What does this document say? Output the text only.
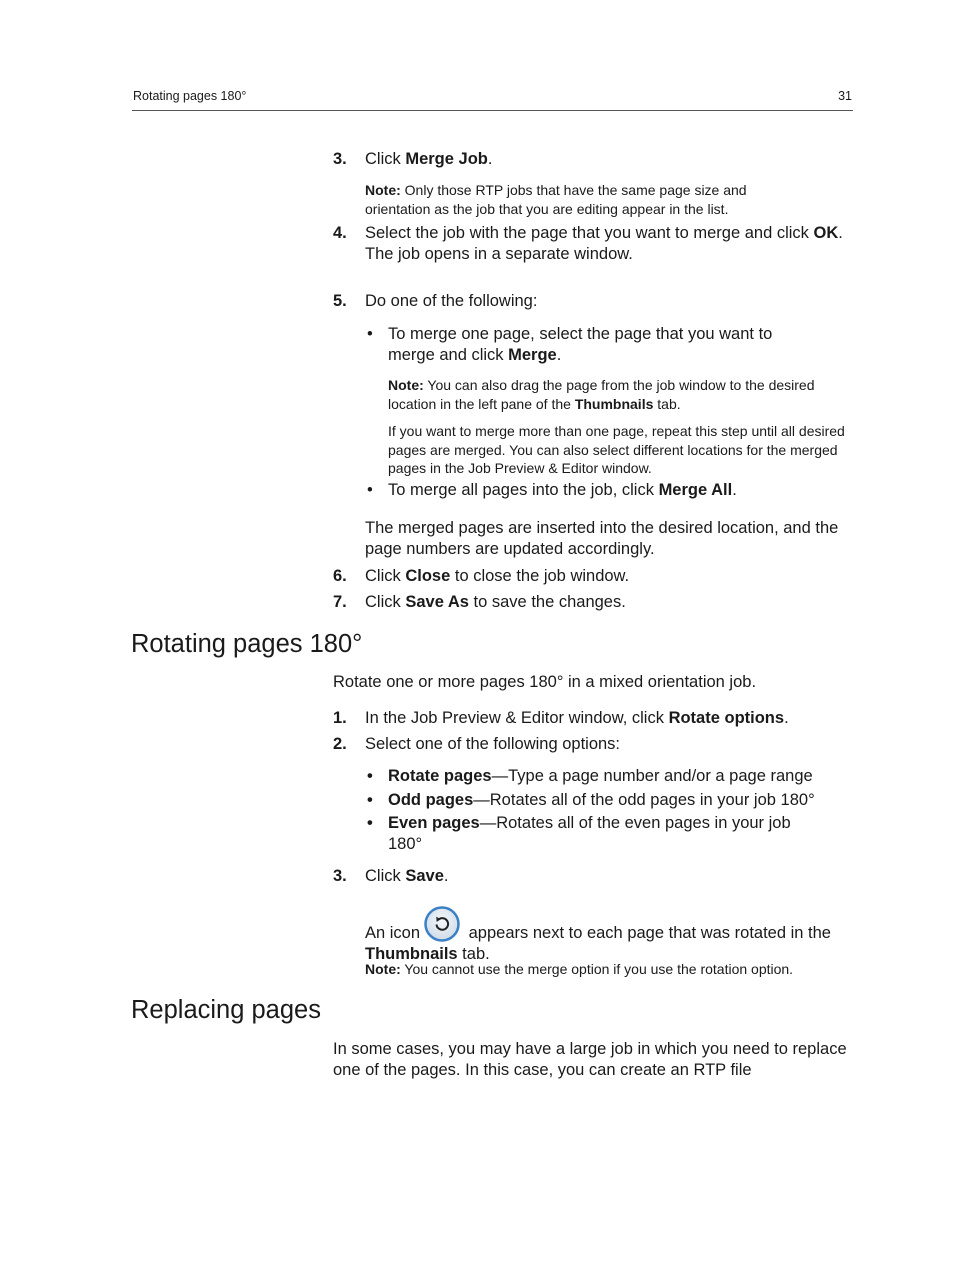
Rotating pages 180°	31
3. Click Merge Job.
Note: Only those RTP jobs that have the same page size and orientation as the job that you are editing appear in the list.
4. Select the job with the page that you want to merge and click OK.
The job opens in a separate window.
5. Do one of the following:
• To merge one page, select the page that you want to merge and click Merge.
Note: You can also drag the page from the job window to the desired location in the left pane of the Thumbnails tab.
If you want to merge more than one page, repeat this step until all desired pages are merged. You can also select different locations for the merged pages in the Job Preview & Editor window.
• To merge all pages into the job, click Merge All.
The merged pages are inserted into the desired location, and the page numbers are updated accordingly.
6. Click Close to close the job window.
7. Click Save As to save the changes.
Rotating pages 180°
Rotate one or more pages 180° in a mixed orientation job.
1. In the Job Preview & Editor window, click Rotate options.
2. Select one of the following options:
• Rotate pages—Type a page number and/or a page range
• Odd pages—Rotates all of the odd pages in your job 180°
• Even pages—Rotates all of the even pages in your job 180°
3. Click Save.
An icon	appears next to each page that was rotated in the Thumbnails tab.
Note: You cannot use the merge option if you use the rotation option.
Replacing pages
In some cases, you may have a large job in which you need to replace one of the pages. In this case, you can create an RTP file
